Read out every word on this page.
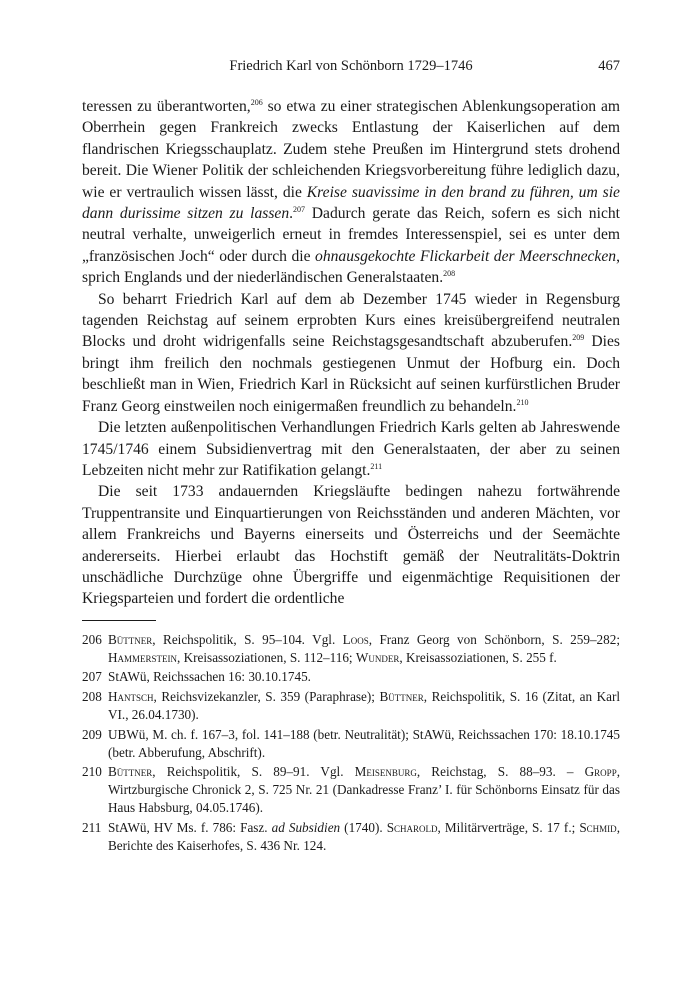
Friedrich Karl von Schönborn 1729–1746	467

teressen zu überantworten,$^{206}$ so etwa zu einer strategischen Ablenkungsoperation am Oberrhein gegen Frankreich zwecks Entlastung der Kaiserlichen auf dem flandrischen Kriegsschauplatz. Zudem stehe Preußen im Hintergrund stets drohend bereit. Die Wiener Politik der schleichenden Kriegsvorbereitung führe lediglich dazu, wie er vertraulich wissen lässt, die Kreise suavissime in den brand zu führen, um sie dann durissime sitzen zu lassen.$^{207}$ Dadurch gerate das Reich, sofern es sich nicht neutral verhalte, unweigerlich erneut in fremdes Interessenspiel, sei es unter dem „französischen Joch“ oder durch die ohnausgekochte Flickarbeit der Meerschnecken, sprich Englands und der niederländischen Generalstaaten.$^{208}$

So beharrt Friedrich Karl auf dem ab Dezember 1745 wieder in Regensburg tagenden Reichstag auf seinem erprobten Kurs eines kreisübergreifend neutralen Blocks und droht widrigenfalls seine Reichstagsgesandtschaft abzuberufen.$^{209}$ Dies bringt ihm freilich den nochmals gestiegenen Unmut der Hofburg ein. Doch beschließt man in Wien, Friedrich Karl in Rücksicht auf seinen kurfürstlichen Bruder Franz Georg einstweilen noch einigermaßen freundlich zu behandeln.$^{210}$

Die letzten außenpolitischen Verhandlungen Friedrich Karls gelten ab Jahreswende 1745/1746 einem Subsidienvertrag mit den Generalstaaten, der aber zu seinen Lebzeiten nicht mehr zur Ratifikation gelangt.$^{211}$

Die seit 1733 andauernden Kriegsläufte bedingen nahezu fortwährende Truppentransite und Einquartierungen von Reichsständen und anderen Mächten, vor allem Frankreichs und Bayerns einerseits und Österreichs und der Seemächte andererseits. Hierbei erlaubt das Hochstift gemäß der Neutralitäts-Doktrin unschädliche Durchzüge ohne Übergriffe und eigenmächtige Requisitionen der Kriegsparteien und fordert die ordentliche

206 Büttner, Reichspolitik, S. 95–104. Vgl. Loos, Franz Georg von Schönborn, S. 259–282; Hammerstein, Kreisassoziationen, S. 112–116; Wunder, Kreisassoziationen, S. 255 f.
207 StAWü, Reichssachen 16: 30.10.1745.
208 Hantsch, Reichsvizekanzler, S. 359 (Paraphrase); Büttner, Reichspolitik, S. 16 (Zitat, an Karl VI., 26.04.1730).
209 UBWü, M. ch. f. 167–3, fol. 141–188 (betr. Neutralität); StAWü, Reichssachen 170: 18.10.1745 (betr. Abberufung, Abschrift).
210 Büttner, Reichspolitik, S. 89–91. Vgl. Meisenburg, Reichstag, S. 88–93. – Gropp, Wirtzburgische Chronick 2, S. 725 Nr. 21 (Dankadresse Franz’ I. für Schönborns Einsatz für das Haus Habsburg, 04.05.1746).
211 StAWü, HV Ms. f. 786: Fasz. ad Subsidien (1740). Scharold, Militärverträge, S. 17 f.; Schmid, Berichte des Kaiserhofes, S. 436 Nr. 124.
